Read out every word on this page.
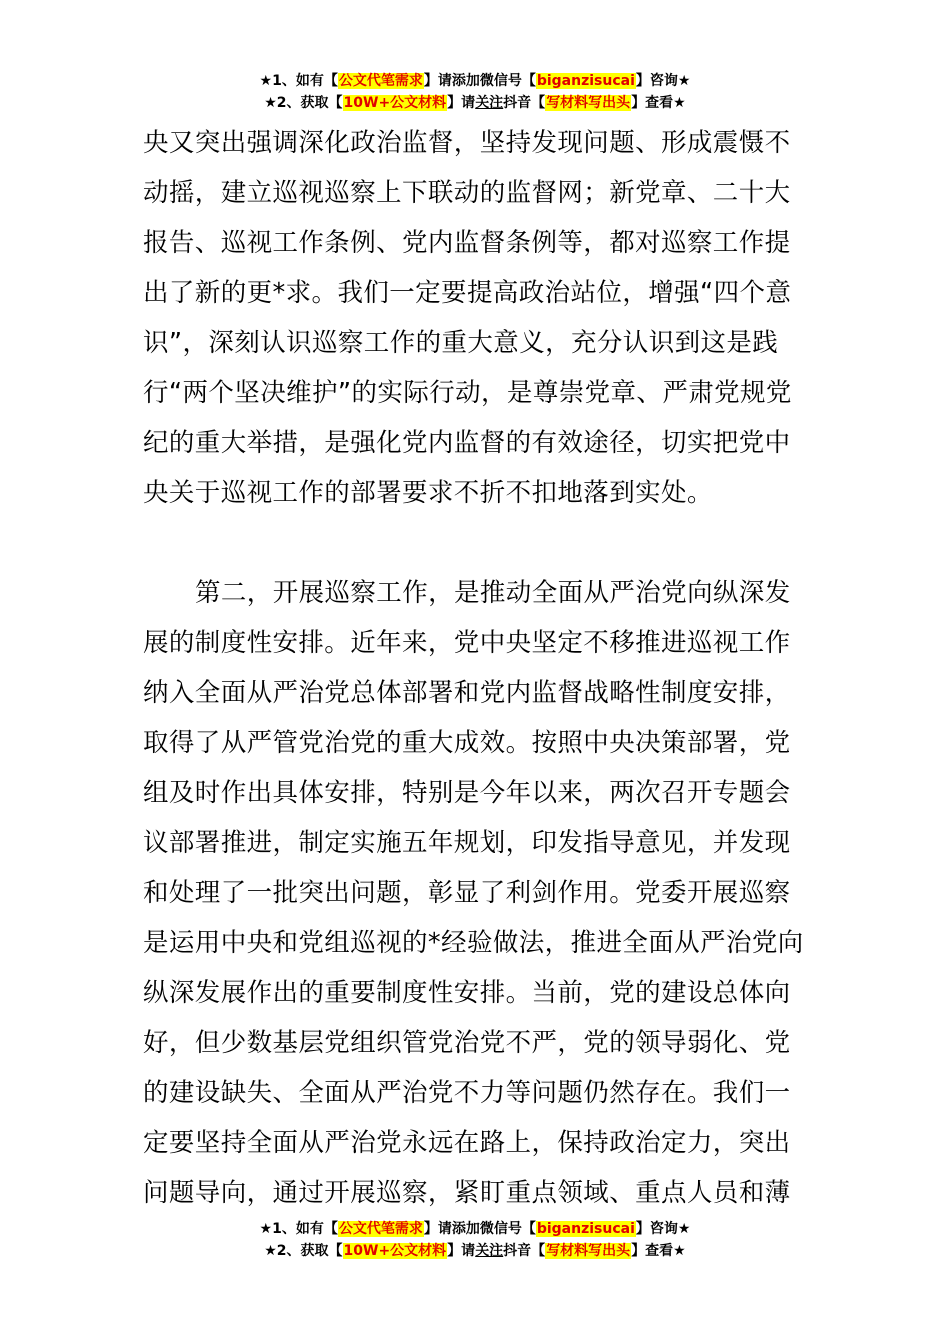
★1、如有【公文代笔需求】请添加微信号【biganzisucai】咨询★
★2、获取【10W+公文材料】请关注抖音【写材料写出头】查看★

央又突出强调深化政治监督，坚持发现问题、形成震慑不动摇，建立巡视巡察上下联动的监督网；新党章、二十大报告、巡视工作条例、党内监督条例等，都对巡察工作提出了新的更*求。我们一定要提高政治站位，增强“四个意识”，深刻认识巡察工作的重大意义，充分认识到这是践行“两个坚决维护”的实际行动，是尊崇党章、严肃党规党纪的重大举措，是强化党内监督的有效途径，切实把党中央关于巡视工作的部署要求不折不扣地落到实处。

第二，开展巡察工作，是推动全面从严治党向纵深发展的制度性安排。近年来，党中央坚定不移推进巡视工作纳入全面从严治党总体部署和党内监督战略性制度安排，取得了从严管党治党的重大成效。按照中央决策部署，党组及时作出具体安排，特别是今年以来，两次召开专题会议部署推进，制定实施五年规划，印发指导意见，并发现和处理了一批突出问题，彰显了利剑作用。党委开展巡察是运用中央和党组巡视的*经验做法，推进全面从严治党向纵深发展作出的重要制度性安排。当前，党的建设总体向好，但少数基层党组织管党治党不严，党的领导弱化、党的建设缺失、全面从严治党不力等问题仍然存在。我们一定要坚持全面从严治党永远在路上，保持政治定力，突出问题导向，通过开展巡察，紧盯重点领域、重点人员和薄

★1、如有【公文代笔需求】请添加微信号【biganzisucai】咨询★
★2、获取【10W+公文材料】请关注抖音【写材料写出头】查看★
